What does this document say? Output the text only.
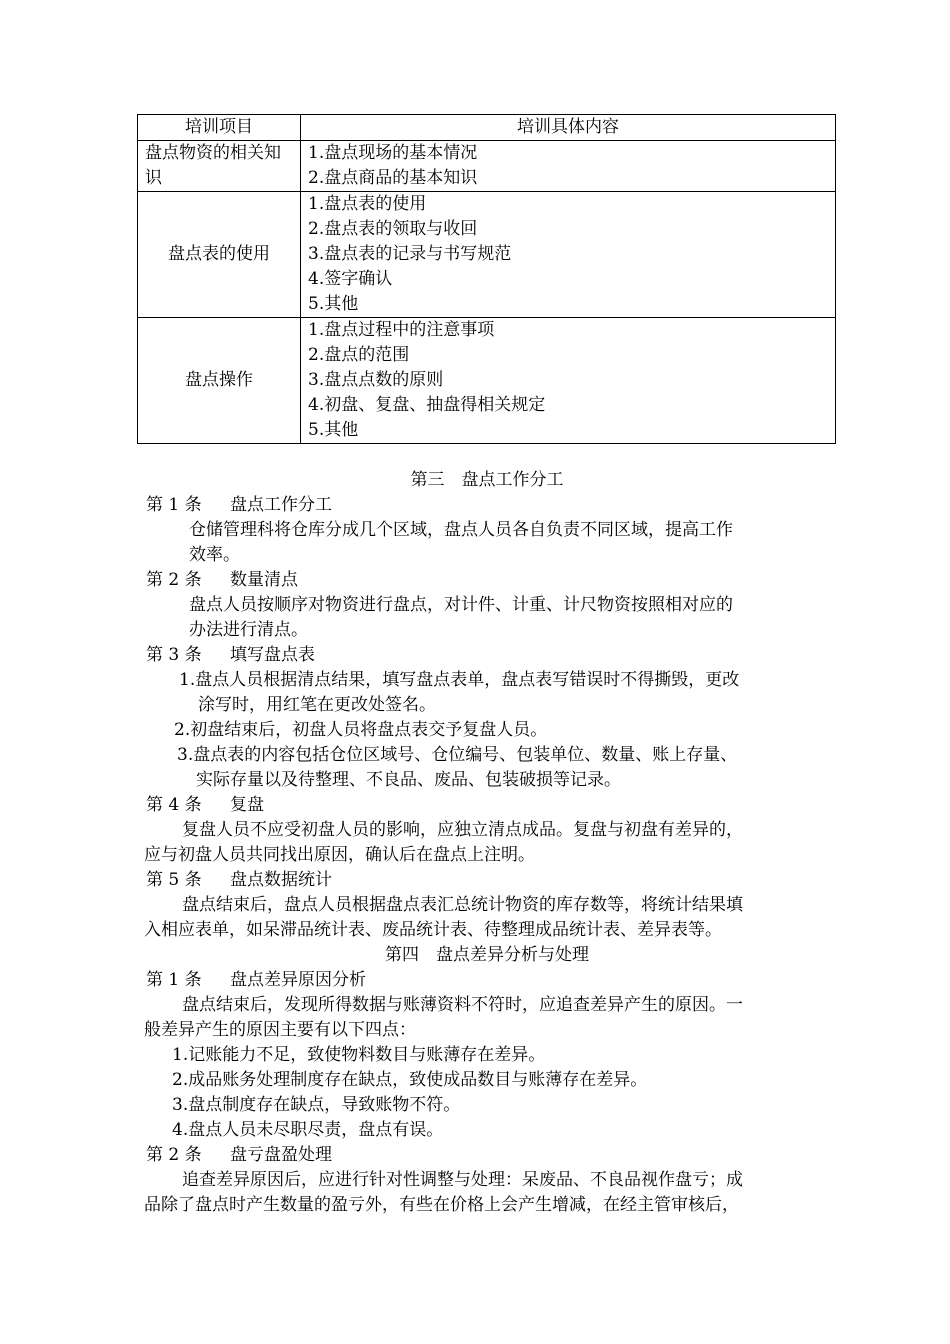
培训项目	培训具体内容

盘点物资的相关知
识	1.盘点现场的基本情况
2.盘点商品的基本知识

盘点表的使用	1.盘点表的使用
2.盘点表的领取与收回
3.盘点表的记录与书写规范
4.签字确认
5.其他

盘点操作	1.盘点过程中的注意事项
2.盘点的范围
3.盘点点数的原则
4.初盘、复盘、抽盘得相关规定
5.其他

第三　盘点工作分工

第 1 条 盘点工作分工

仓储管理科将仓库分成几个区域，盘点人员各自负责不同区域，提高工作
效率。

第 2 条 数量清点

盘点人员按顺序对物资进行盘点，对计件、计重、计尺物资按照相对应的
办法进行清点。

第 3 条 填写盘点表

1.盘点人员根据清点结果，填写盘点表单，盘点表写错误时不得撕毁，更改
涂写时，用红笔在更改处签名。

2.初盘结束后，初盘人员将盘点表交予复盘人员。

3.盘点表的内容包括仓位区域号、仓位编号、包装单位、数量、账上存量、
实际存量以及待整理、不良品、废品、包装破损等记录。

第 4 条 复盘

复盘人员不应受初盘人员的影响，应独立清点成品。复盘与初盘有差异的，
应与初盘人员共同找出原因，确认后在盘点上注明。

第 5 条 盘点数据统计

盘点结束后，盘点人员根据盘点表汇总统计物资的库存数等，将统计结果填
入相应表单，如呆滞品统计表、废品统计表、待整理成品统计表、差异表等。

第四　盘点差异分析与处理

第 1 条 盘点差异原因分析

盘点结束后，发现所得数据与账薄资料不符时，应追查差异产生的原因。一
般差异产生的原因主要有以下四点：

1.记账能力不足，致使物料数目与账薄存在差异。

2.成品账务处理制度存在缺点，致使成品数目与账薄存在差异。

3.盘点制度存在缺点，导致账物不符。

4.盘点人员未尽职尽责，盘点有误。

第 2 条 盘亏盘盈处理

追查差异原因后，应进行针对性调整与处理：呆废品、不良品视作盘亏；成
品除了盘点时产生数量的盈亏外，有些在价格上会产生增减，在经主管审核后，
